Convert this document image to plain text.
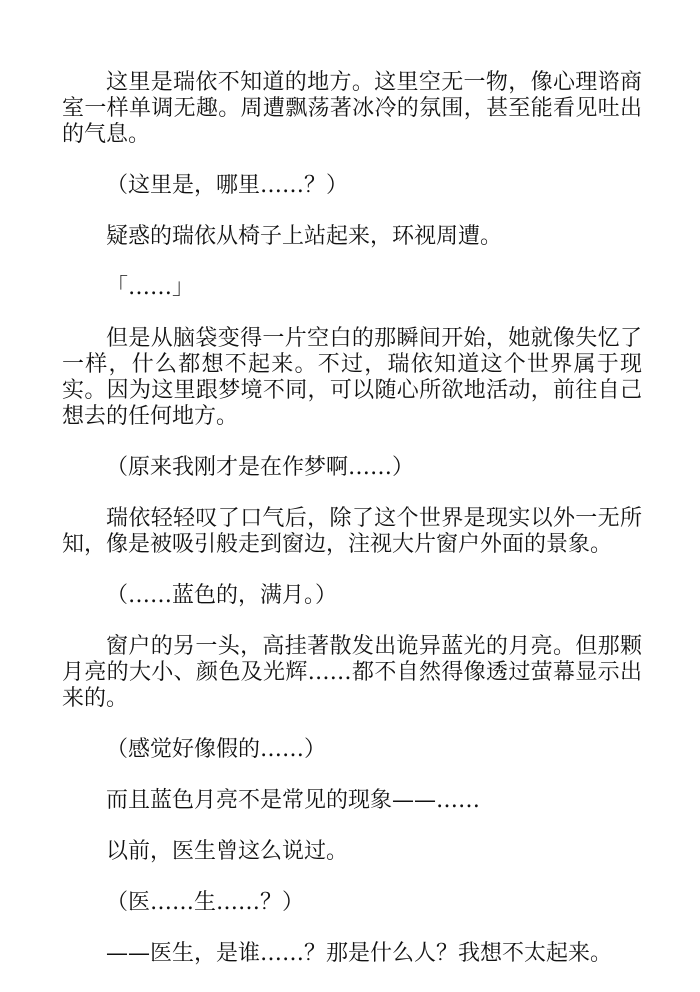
这里是瑞依不知道的地方。这里空无一物，像心理谘商室一样单调无趣。周遭飘荡著冰冷的氛围，甚至能看见吐出的气息。

（这里是，哪里……？）

疑惑的瑞依从椅子上站起来，环视周遭。

「……」

但是从脑袋变得一片空白的那瞬间开始，她就像失忆了一样，什么都想不起来。不过，瑞依知道这个世界属于现实。因为这里跟梦境不同，可以随心所欲地活动，前往自己想去的任何地方。

（原来我刚才是在作梦啊……）

瑞依轻轻叹了口气后，除了这个世界是现实以外一无所知，像是被吸引般走到窗边，注视大片窗户外面的景象。

（……蓝色的，满月。）

窗户的另一头，高挂著散发出诡异蓝光的月亮。但那颗月亮的大小、颜色及光辉……都不自然得像透过萤幕显示出来的。

（感觉好像假的……）

而且蓝色月亮不是常见的现象——……

以前，医生曾这么说过。

（医……生……？）

——医生，是谁……？那是什么人？我想不太起来。
